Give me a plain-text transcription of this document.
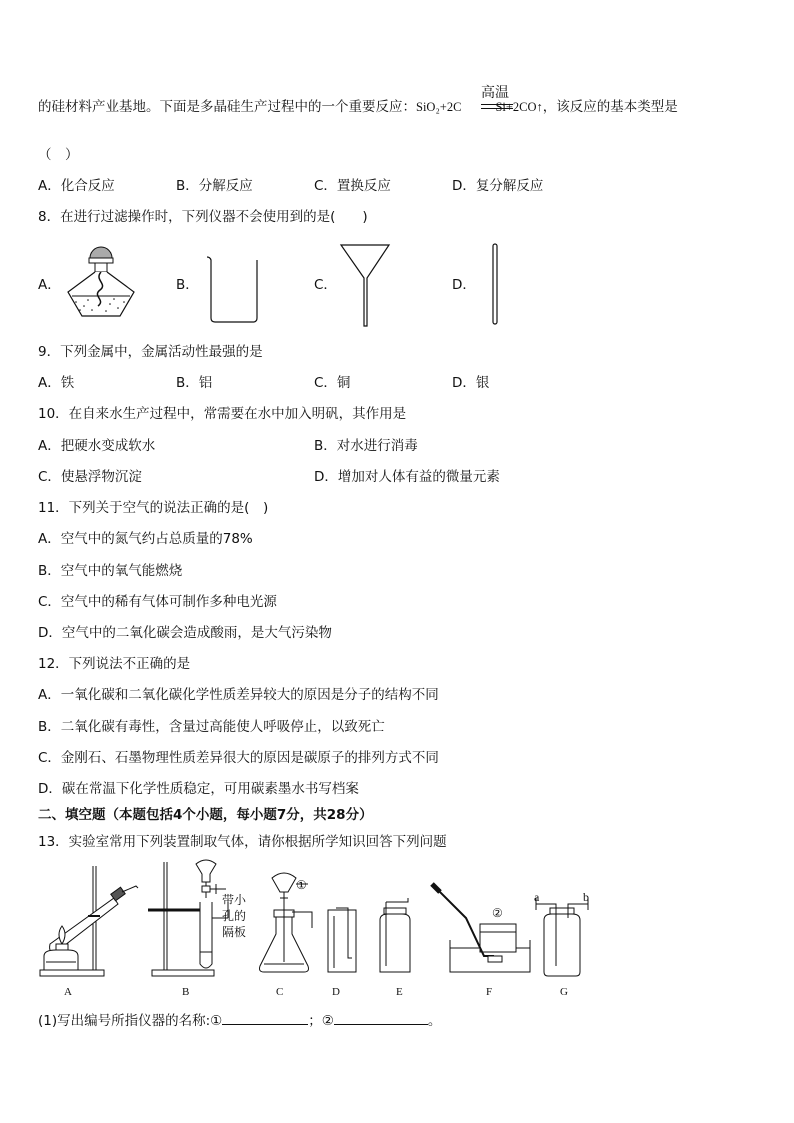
的硅材料产业基地。下面是多晶硅生产过程中的一个重要反应：SiO₂+2C	Si+2CO↑，该反应的基本类型是
高温
（　）
A．化合反应	B．分解反应	C．置换反应	D．复分解反应
8．在进行过滤操作时，下列仪器不会使用到的是(　　)
A．	B．	C．	D．
9．下列金属中，金属活动性最强的是
A．铁	B．铝	C．铜	D．银
10．在自来水生产过程中，常需要在水中加入明矾，其作用是
A．把硬水变成软水	B．对水进行消毒
C．使悬浮物沉淀	D．增加对人体有益的微量元素
11．下列关于空气的说法正确的是(　)
A．空气中的氮气约占总质量的78%
B．空气中的氧气能燃烧
C．空气中的稀有气体可制作多种电光源
D．空气中的二氧化碳会造成酸雨，是大气污染物
12．下列说法不正确的是
A．一氧化碳和二氧化碳化学性质差异较大的原因是分子的结构不同
B．二氧化碳有毒性，含量过高能使人呼吸停止，以致死亡
C．金刚石、石墨物理性质差异很大的原因是碳原子的排列方式不同
D．碳在常温下化学性质稳定，可用碳素墨水书写档案
二、填空题（本题包括4个小题，每小题7分，共28分）
13．实验室常用下列装置制取气体，请你根据所学知识回答下列问题
A	B	C	D	E	F	G
带小
孔的
隔板
①
②
a	b
(1)写出编号所指仪器的名称:①	；②	。
